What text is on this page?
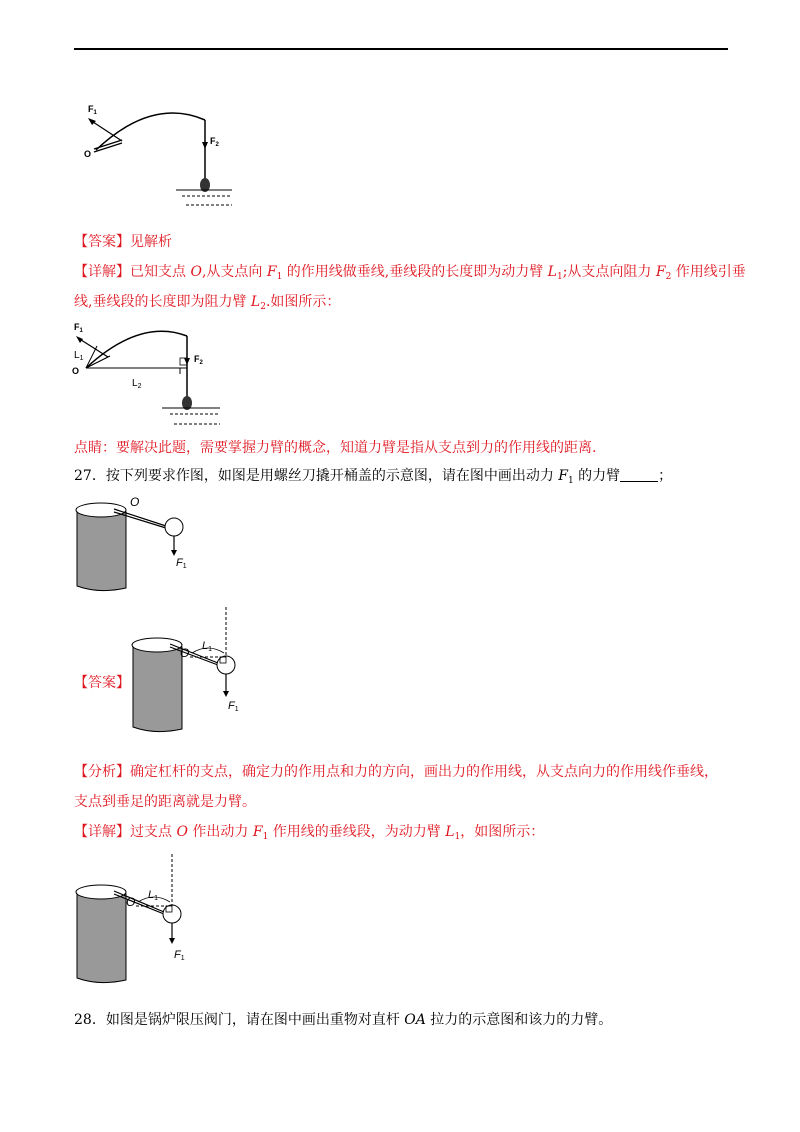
$F_1$
$F_2$
O
【答案】见解析
【详解】已知支点 O,从支点向 $F_1$ 的作用线做垂线,垂线段的长度即为动力臂 $L_1$;从支点向阻力 $F_2$ 作用线引垂
线,垂线段的长度即为阻力臂 $L_2$.如图所示：
$F_1$
$F_2$
O
$L_1$
$L_2$
点睛：要解决此题，需要掌握力臂的概念，知道力臂是指从支点到力的作用线的距离.
27．按下列要求作图，如图是用螺丝刀撬开桶盖的示意图，请在图中画出动力 $F_1$ 的力臂	；
O
F1
O L1
F1
【答案】
【分析】确定杠杆的支点，确定力的作用点和力的方向，画出力的作用线，从支点向力的作用线作垂线，
支点到垂足的距离就是力臂。
【详解】过支点 O 作出动力 $F_1$ 作用线的垂线段，为动力臂 $L_1$，如图所示：
O L1
F1
28．如图是锅炉限压阀门，请在图中画出重物对直杆 OA 拉力的示意图和该力的力臂。
